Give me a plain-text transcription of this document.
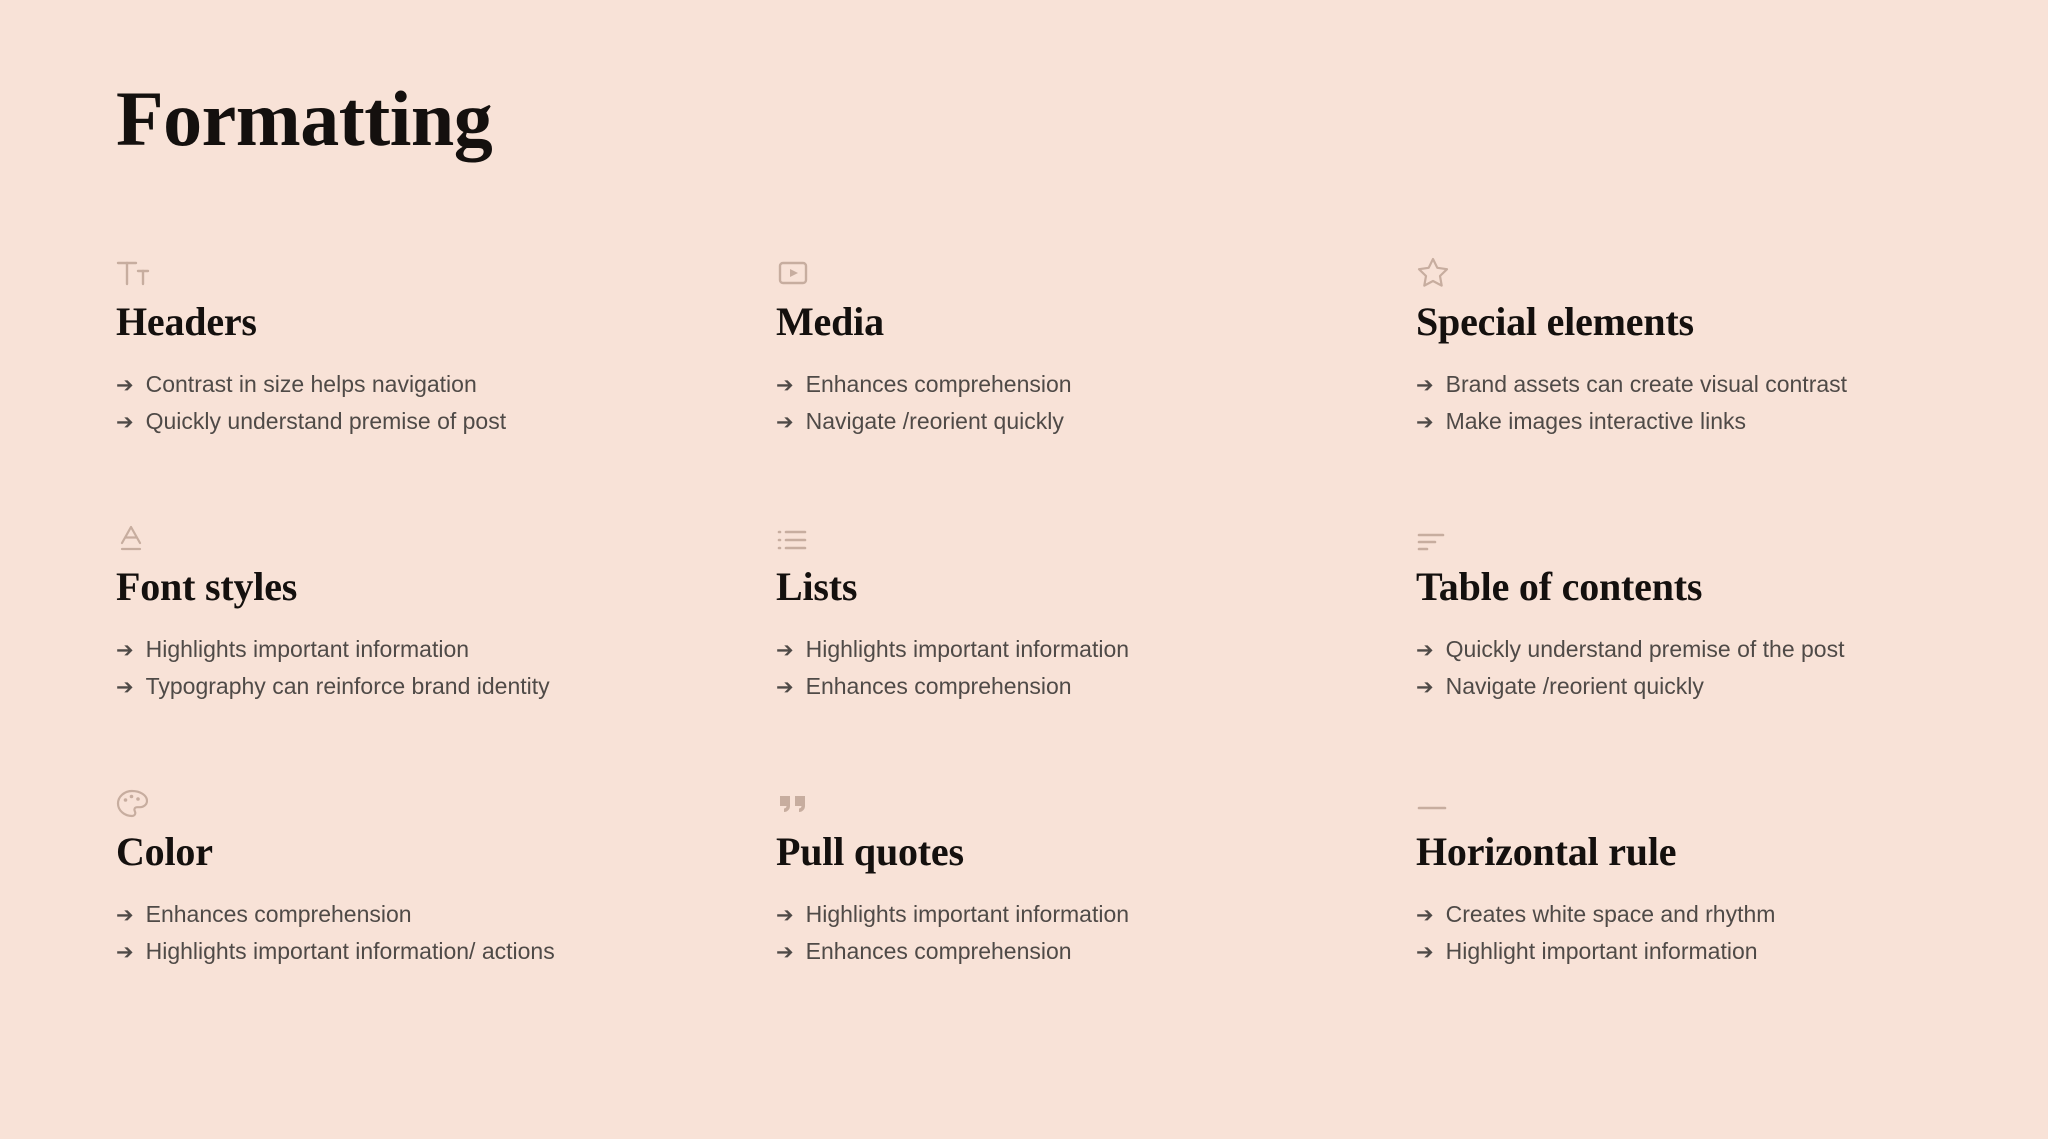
Formatting
Headers
➔ Contrast in size helps navigation
➔ Quickly understand premise of post
Media
➔ Enhances comprehension
➔ Navigate /reorient quickly
Special elements
➔ Brand assets can create visual contrast
➔ Make images interactive links
Font styles
➔ Highlights important information
➔ Typography can reinforce brand identity
Lists
➔ Highlights important information
➔ Enhances comprehension
Table of contents
➔ Quickly understand premise of the post
➔ Navigate /reorient quickly
Color
➔ Enhances comprehension
➔ Highlights important information/ actions
Pull quotes
➔ Highlights important information
➔ Enhances comprehension
Horizontal rule
➔ Creates white space and rhythm
➔ Highlight important information
